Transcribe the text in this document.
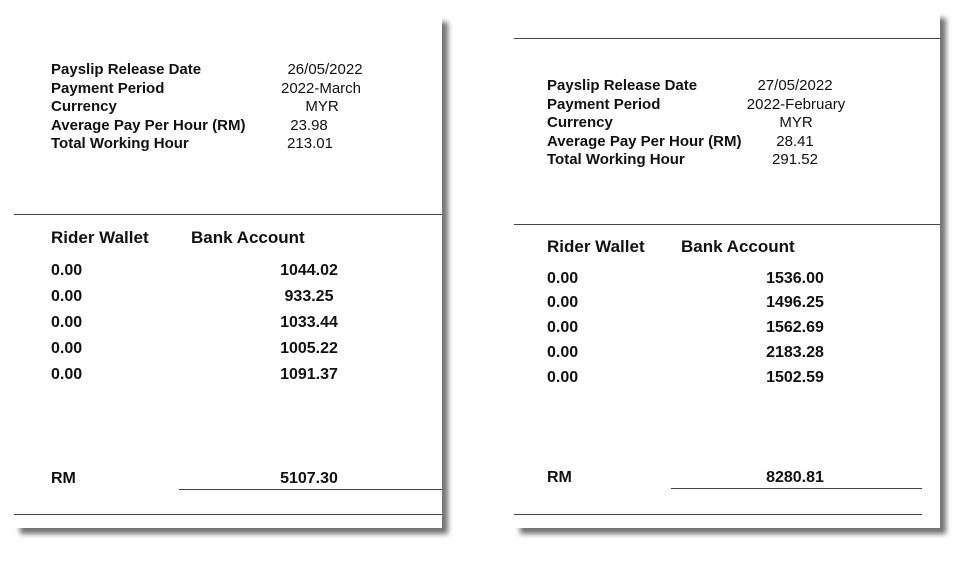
Payslip Release Date	26/05/2022
Payment Period	2022-March
Currency	MYR
Average Pay Per Hour (RM)	23.98
Total Working Hour	213.01
Rider Wallet Bank Account
0.00	1044.02
0.00	933.25
0.00	1033.44
0.00	1005.22
0.00	1091.37
RM	5107.30
Payslip Release Date	27/05/2022
Payment Period	2022-February
Currency	MYR
Average Pay Per Hour (RM) 28.41
Total Working Hour	291.52
Rider Wallet Bank Account
0.00	1536.00
0.00	1496.25
0.00	1562.69
0.00	2183.28
0.00	1502.59
RM	8280.81
